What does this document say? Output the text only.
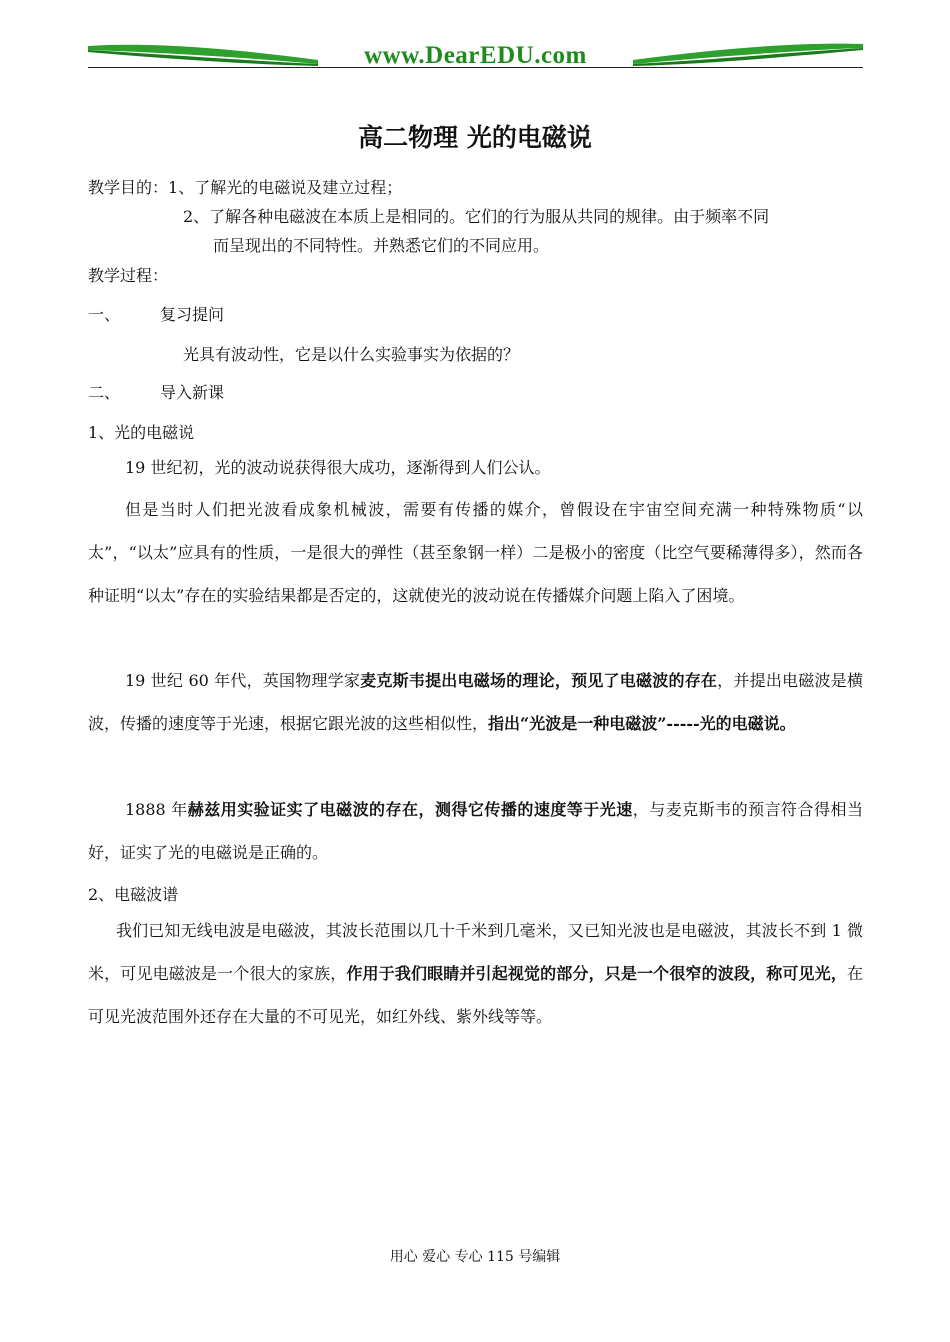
www.DearEDU.com
高二物理 光的电磁说
教学目的：1、了解光的电磁说及建立过程；
2、了解各种电磁波在本质上是相同的。它们的行为服从共同的规律。由于频率不同
而呈现出的不同特性。并熟悉它们的不同应用。
教学过程：
一、	复习提问
光具有波动性，它是以什么实验事实为依据的？
二、	导入新课
1、光的电磁说
19 世纪初，光的波动说获得很大成功，逐渐得到人们公认。
但是当时人们把光波看成象机械波，需要有传播的媒介，曾假设在宇宙空间充满一种特殊物质“以太”，“以太”应具有的性质，一是很大的弹性（甚至象钢一样）二是极小的密度（比空气要稀薄得多），然而各种证明“以太”存在的实验结果都是否定的，这就使光的波动说在传播媒介问题上陷入了困境。
19 世纪 60 年代，英国物理学家麦克斯韦提出电磁场的理论，预见了电磁波的存在，并提出电磁波是横波，传播的速度等于光速，根据它跟光波的这些相似性，指出“光波是一种电磁波”-----光的电磁说。
1888 年赫兹用实验证实了电磁波的存在，测得它传播的速度等于光速，与麦克斯韦的预言符合得相当好，证实了光的电磁说是正确的。
2、电磁波谱
我们已知无线电波是电磁波，其波长范围以几十千米到几毫米，又已知光波也是电磁波，其波长不到 1 微米，可见电磁波是一个很大的家族，作用于我们眼睛并引起视觉的部分，只是一个很窄的波段，称可见光，在可见光波范围外还存在大量的不可见光，如红外线、紫外线等等。
用心 爱心 专心 115 号编辑
